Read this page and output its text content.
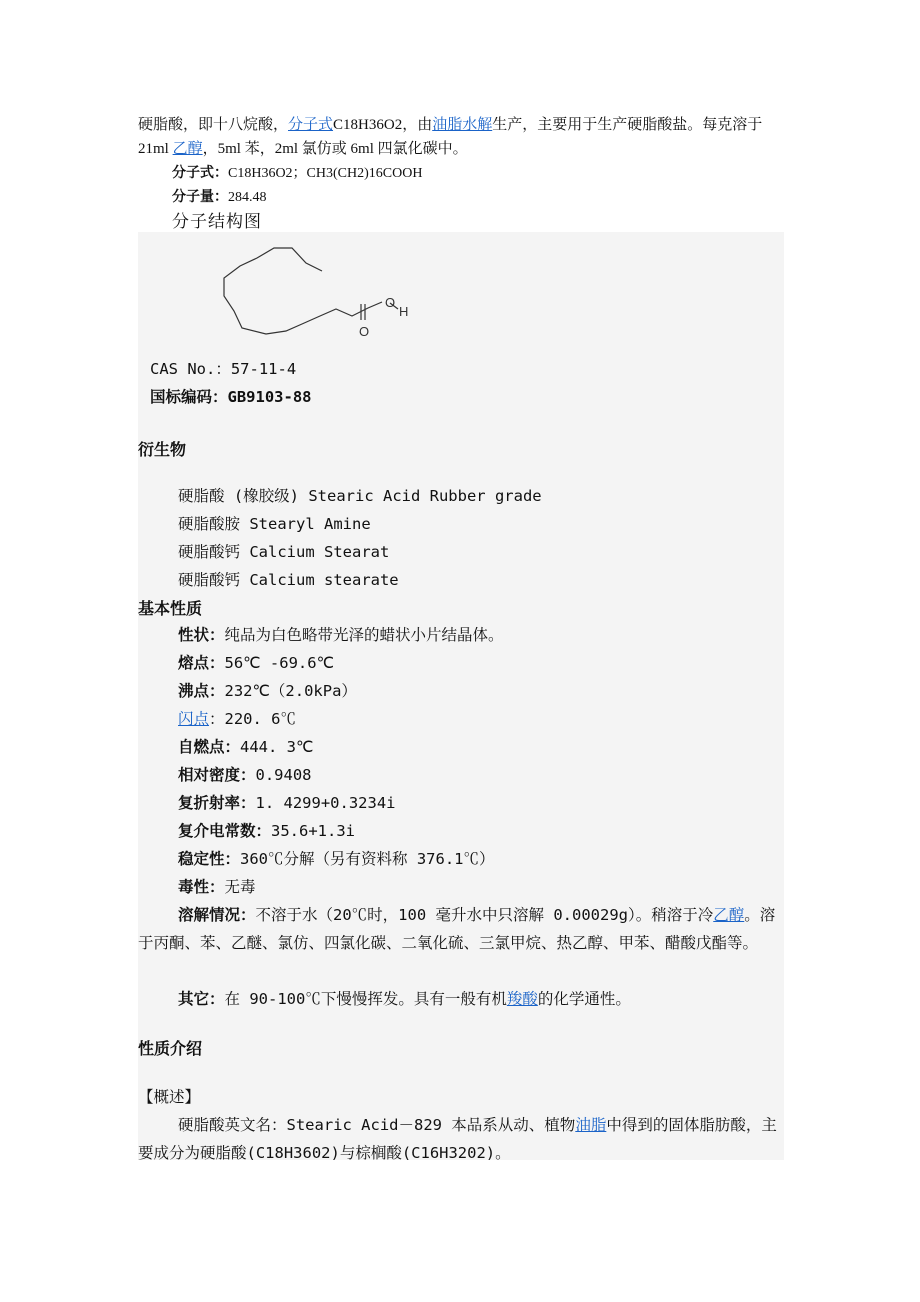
硬脂酸，即十八烷酸，分子式C18H36O2，由油脂水解生产，主要用于生产硬脂酸盐。每克溶于 21ml 乙醇，5ml 苯，2ml 氯仿或 6ml 四氯化碳中。
分子式：C18H36O2；CH3(CH2)16COOH
分子量：284.48
分子结构图
O
H
O
CAS No.：57-11-4
国标编码：GB9103-88
衍生物
硬脂酸 (橡胶级) Stearic Acid Rubber grade
硬脂酸胺 Stearyl Amine
硬脂酸钙 Calcium Stearat
硬脂酸钙 Calcium stearate
基本性质
性状：纯品为白色略带光泽的蜡状小片结晶体。
熔点：56℃ -69.6℃
沸点：232℃（2.0kPa）
闪点：220. 6℃
自燃点：444. 3℃
相对密度：0.9408
复折射率：1. 4299+0.3234i
复介电常数：35.6+1.3i
稳定性：360℃分解（另有资料称 376.1℃）
毒性：无毒
溶解情况：不溶于水（20℃时，100 毫升水中只溶解 0.00029g）。稍溶于冷乙醇。溶于丙酮、苯、乙醚、氯仿、四氯化碳、二氧化硫、三氯甲烷、热乙醇、甲苯、醋酸戊酯等。
其它：在 90-100℃下慢慢挥发。具有一般有机羧酸的化学通性。
性质介绍
【概述】
硬脂酸英文名：Stearic Acid－829 本品系从动、植物油脂中得到的固体脂肪酸，主要成分为硬脂酸(C18H3602)与棕榈酸(C16H3202)。
